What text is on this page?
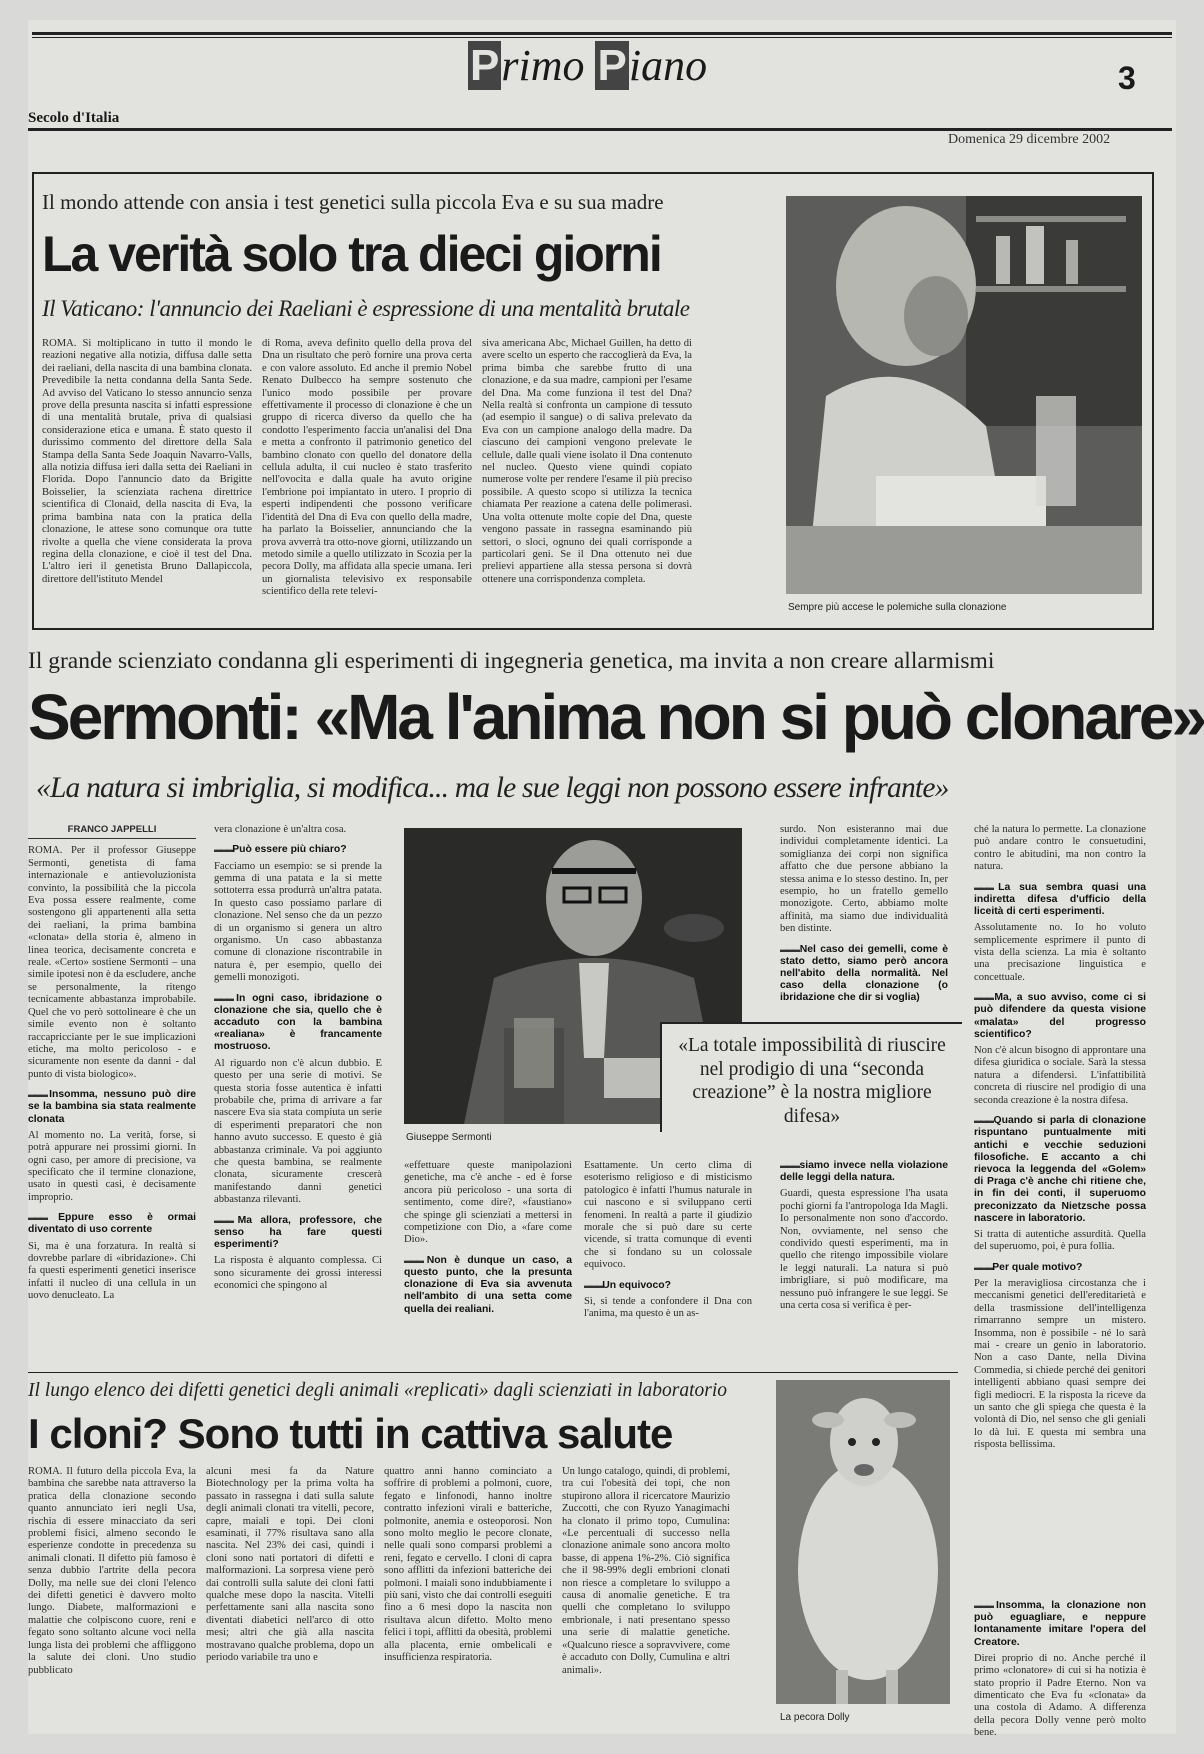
Primo Piano	3
Secolo d'Italia
Domenica 29 dicembre 2002
Il mondo attende con ansia i test genetici sulla piccola Eva e su sua madre
La verità solo tra dieci giorni
Il Vaticano: l'annuncio dei Raeliani è espressione di una mentalità brutale
ROMA. Si moltiplicano in tutto il mondo le reazioni negative alla notizia, diffusa dalle setta dei raeliani, della nascita di una bambina clonata. Prevedibile la netta condanna della Santa Sede. Ad avviso del Vaticano lo stesso annuncio senza prove della presunta nascita si infatti espressione di una mentalità brutale, priva di qualsiasi considerazione etica e umana. È stato questo il durissimo commento del direttore della Sala Stampa della Santa Sede Joaquin Navarro-Valls, alla notizia diffusa ieri dalla setta dei Raeliani in Florida. Dopo l'annuncio dato da Brigitte Boisselier, la scienziata rachena direttrice scientifica di Clonaid, della nascita di Eva, la prima bambina nata con la pratica della clonazione, le attese sono comunque ora tutte rivolte a quella che viene considerata la prova regina della clonazione, e cioè il test del Dna. L'altro ieri il genetista Bruno Dallapiccola, direttore dell'istituto Mendel
di Roma, aveva definito quello della prova del Dna un risultato che però fornire una prova certa e con valore assoluto. Ed anche il premio Nobel Renato Dulbecco ha sempre sostenuto che l'unico modo possibile per provare effettivamente il processo di clonazione è che un gruppo di ricerca diverso da quello che ha condotto l'esperimento faccia un'analisi del Dna e metta a confronto il patrimonio genetico del bambino clonato con quello del donatore della cellula adulta, il cui nucleo è stato trasferito nell'ovocita e dalla quale ha avuto origine l'embrione poi impiantato in utero. I proprio di esperti indipendenti che possono verificare l'identità del Dna di Eva con quello della madre, ha parlato la Boisselier, annunciando che la prova avverrà tra otto-nove giorni, utilizzando un metodo simile a quello utilizzato in Scozia per la pecora Dolly, ma affidata alla specie umana. Ieri un giornalista televisivo ex responsabile scientifico della rete televi-
siva americana Abc, Michael Guillen, ha detto di avere scelto un esperto che raccoglierà da Eva, la prima bimba che sarebbe frutto di una clonazione, e da sua madre, campioni per l'esame del Dna. Ma come funziona il test del Dna? Nella realtà si confronta un campione di tessuto (ad esempio il sangue) o di saliva prelevato da Eva con un campione analogo della madre. Da ciascuno dei campioni vengono prelevate le cellule, dalle quali viene isolato il Dna contenuto nel nucleo. Questo viene quindi copiato numerose volte per rendere l'esame il più preciso possibile. A questo scopo si utilizza la tecnica chiamata Per reazione a catena delle polimerasi. Una volta ottenute molte copie del Dna, queste vengono passate in rassegna esaminando più settori, o sloci, ognuno dei quali corrisponde a particolari geni. Se il Dna ottenuto nei due prelievi appartiene alla stessa persona si dovrà ottenere una corrispondenza completa.
Sempre più accese le polemiche sulla clonazione
Il grande scienziato condanna gli esperimenti di ingegneria genetica, ma invita a non creare allarmismi
Sermonti: «Ma l'anima non si può clonare»
«La natura si imbriglia, si modifica... ma le sue leggi non possono essere infrante»

FRANCO JAPPELLI

ROMA. Per il professor Giuseppe Sermonti, genetista di fama internazionale e antievoluzionista convinto, la possibilità che la piccola Eva possa essere realmente, come sostengono gli appartenenti alla setta dei raeliani, la prima bambina «clonata» della storia è, almeno in linea teorica, decisamente concreta e reale. «Certo» sostiene Sermonti – una simile ipotesi non è da escludere, anche se personalmente, la ritengo tecnicamente abbastanza improbabile. Quel che vo però sottolineare è che un simile evento non è soltanto raccapricciante per le sue implicazioni etiche, ma molto pericoloso - e sicuramente non esente da danni - dal punto di vista biologico».

▬▬▬ Insomma, nessuno può dire se la bambina sia stata realmente clonata

Al momento no. La verità, forse, si potrà appurare nei prossimi giorni. In ogni caso, per amore di precisione, va specificato che il termine clonazione, usato in questi casi, è decisamente improprio.

▬▬▬ Eppure esso è ormai diventato di uso corrente

Sì, ma è una forzatura. In realtà si dovrebbe parlare di «ibridazione». Chi fa questi esperimenti genetici inserisce infatti il nucleo di una cellula in un uovo denucleato. La

vera clonazione è un'altra cosa.

▬▬▬ Può essere più chiaro?

Facciamo un esempio: se si prende la gemma di una patata e la si mette sottoterra essa produrrà un'altra patata. In questo caso possiamo parlare di clonazione. Nel senso che da un pezzo di un organismo si genera un altro organismo. Un caso abbastanza comune di clonazione riscontrabile in natura è, per esempio, quello dei gemelli monozigoti.

▬▬▬ In ogni caso, ibridazione o clonazione che sia, quello che è accaduto con la bambina «realiana» è francamente mostruoso.

Al riguardo non c'è alcun dubbio. E questo per una serie di motivi. Se questa storia fosse autentica è infatti probabile che, prima di arrivare a far nascere Eva sia stata compiuta un serie di esperimenti preparatori che non hanno avuto successo. E questo è già abbastanza criminale. Va poi aggiunto che questa bambina, se realmente clonata, sicuramente crescerà manifestando danni genetici abbastanza rilevanti.

▬▬▬ Ma allora, professore, che senso ha fare questi esperimenti?

La risposta è alquanto complessa. Ci sono sicuramente dei grossi interessi economici che spingono al

Giuseppe Sermonti
«La totale impossibilità di riuscire nel prodigio di una “seconda creazione” è la nostra migliore difesa»

«effettuare queste manipolazioni genetiche, ma c'è anche - ed è forse ancora più pericoloso - una sorta di sentimento, come dire?, «faustiano» che spinge gli scienziati a mettersi in competizione con Dio, a «fare come Dio».

▬▬▬ Non è dunque un caso, a questo punto, che la presunta clonazione di Eva sia avvenuta nell'ambito di una setta come quella dei realiani.

Esattamente. Un certo clima di esoterismo religioso e di misticismo patologico è infatti l'humus naturale in cui nascono e si sviluppano certi fenomeni. In realtà a parte il giudizio morale che si può dare su certe vicende, si tratta comunque di eventi che si fondano su un colossale equivoco.

▬▬▬ Un equivoco?

Sì, si tende a confondere il Dna con l'anima, ma questo è un as-

surdo. Non esisteranno mai due individui completamente identici. La somiglianza dei corpi non significa affatto che due persone abbiano la stessa anima e lo stesso destino. In, per esempio, ho un fratello gemello monozigote. Certo, abbiamo molte affinità, ma siamo due individualità ben distinte.

▬▬▬ Nel caso dei gemelli, come è stato detto, siamo però ancora nell'abito della normalità. Nel caso della clonazione (o ibridazione che dir si voglia)

▬▬▬ siamo invece nella violazione delle leggi della natura.

Guardi, questa espressione l'ha usata pochi giorni fa l'antropologa Ida Magli. Io personalmente non sono d'accordo. Non, ovviamente, nel senso che condivido questi esperimenti, ma in quello che ritengo impossibile violare le leggi naturali. La natura si può imbrigliare, si può modificare, ma nessuno può infrangere le sue leggi. Se una certa cosa si verifica è per-

ché la natura lo permette. La clonazione può andare contro le consuetudini, contro le abitudini, ma non contro la natura.

▬▬▬ La sua sembra quasi una indiretta difesa d'ufficio della liceità di certi esperimenti.

Assolutamente no. Io ho voluto semplicemente esprimere il punto di vista della scienza. La mia è soltanto una precisazione linguistica e concettuale.

▬▬▬ Ma, a suo avviso, come ci si può difendere da questa visione «malata» del progresso scientifico?

Non c'è alcun bisogno di approntare una difesa giuridica o sociale. Sarà la stessa natura a difendersi. L'infattibilità concreta di riuscire nel prodigio di una seconda creazione è la nostra difesa.

▬▬▬ Quando si parla di clonazione rispuntano puntualmente miti antichi e vecchie seduzioni filosofiche. E accanto a chi rievoca la leggenda del «Golem» di Praga c'è anche chi ritiene che, in fin dei conti, il superuomo preconizzato da Nietzsche possa nascere in laboratorio.

Si tratta di autentiche assurdità. Quella del superuomo, poi, è pura follia.

▬▬▬ Per quale motivo?

Per la meravigliosa circostanza che i meccanismi genetici dell'ereditarietà e della trasmissione dell'intelligenza rimarranno sempre un mistero. Insomma, non è possibile - né lo sarà mai - creare un genio in laboratorio. Non a caso Dante, nella Divina Commedia, si chiede perché dei genitori intelligenti abbiano quasi sempre dei figli mediocri. E la risposta la riceve da un santo che gli spiega che questa è la volontà di Dio, nel senso che gli geniali lo dà lui. E questa mi sembra una risposta bellissima.

▬▬▬ Insomma, la clonazione non può eguagliare, e neppure lontanamente imitare l'opera del Creatore.

Direi proprio di no. Anche perché il primo «clonatore» di cui si ha notizia è stato proprio il Padre Eterno. Non va dimenticato che Eva fu «clonata» da una costola di Adamo. A differenza della pecora Dolly venne però molto bene.

Il lungo elenco dei difetti genetici degli animali «replicati» dagli scienziati in laboratorio
I cloni? Sono tutti in cattiva salute
ROMA. Il futuro della piccola Eva, la bambina che sarebbe nata attraverso la pratica della clonazione secondo quanto annunciato ieri negli Usa, rischia di essere minacciato da seri problemi fisici, almeno secondo le esperienze condotte in precedenza su animali clonati. Il difetto più famoso è senza dubbio l'artrite della pecora Dolly, ma nelle sue dei cloni l'elenco dei difetti genetici è davvero molto lungo. Diabete, malformazioni e malattie che colpiscono cuore, reni e fegato sono soltanto alcune voci nella lunga lista dei problemi che affliggono la salute dei cloni. Uno studio pubblicato
alcuni mesi fa da Nature Biotechnology per la prima volta ha passato in rassegna i dati sulla salute degli animali clonati tra vitelli, pecore, capre, maiali e topi. Dei cloni esaminati, il 77% risultava sano alla nascita. Nel 23% dei casi, quindi i cloni sono nati portatori di difetti e malformazioni. La sorpresa viene però dai controlli sulla salute dei cloni fatti qualche mese dopo la nascita. Vitelli perfettamente sani alla nascita sono diventati diabetici nell'arco di otto mesi; altri che già alla nascita mostravano qualche problema, dopo un periodo variabile tra uno e
quattro anni hanno cominciato a soffrire di problemi a polmoni, cuore, fegato e linfonodi, hanno inoltre contratto infezioni virali e batteriche, polmonite, anemia e osteoporosi. Non sono molto meglio le pecore clonate, nelle quali sono comparsi problemi a reni, fegato e cervello. I cloni di capra sono afflitti da infezioni batteriche dei polmoni. I maiali sono indubbiamente i più sani, visto che dai controlli eseguiti fino a 6 mesi dopo la nascita non risultava alcun difetto. Molto meno felici i topi, afflitti da obesità, problemi alla placenta, ernie ombelicali e insufficienza respiratoria.
Un lungo catalogo, quindi, di problemi, tra cui l'obesità dei topi, che non stupirono allora il ricercatore Maurizio Zuccotti, che con Ryuzo Yanagimachi ha clonato il primo topo, Cumulina: «Le percentuali di successo nella clonazione animale sono ancora molto basse, di appena 1%-2%. Ciò significa che il 98-99% degli embrioni clonati non riesce a completare lo sviluppo a causa di anomalie genetiche. E tra quelli che completano lo sviluppo embrionale, i nati presentano spesso una serie di malattie genetiche. «Qualcuno riesce a sopravvivere, come è accaduto con Dolly, Cumulina e altri animali».
La pecora Dolly
